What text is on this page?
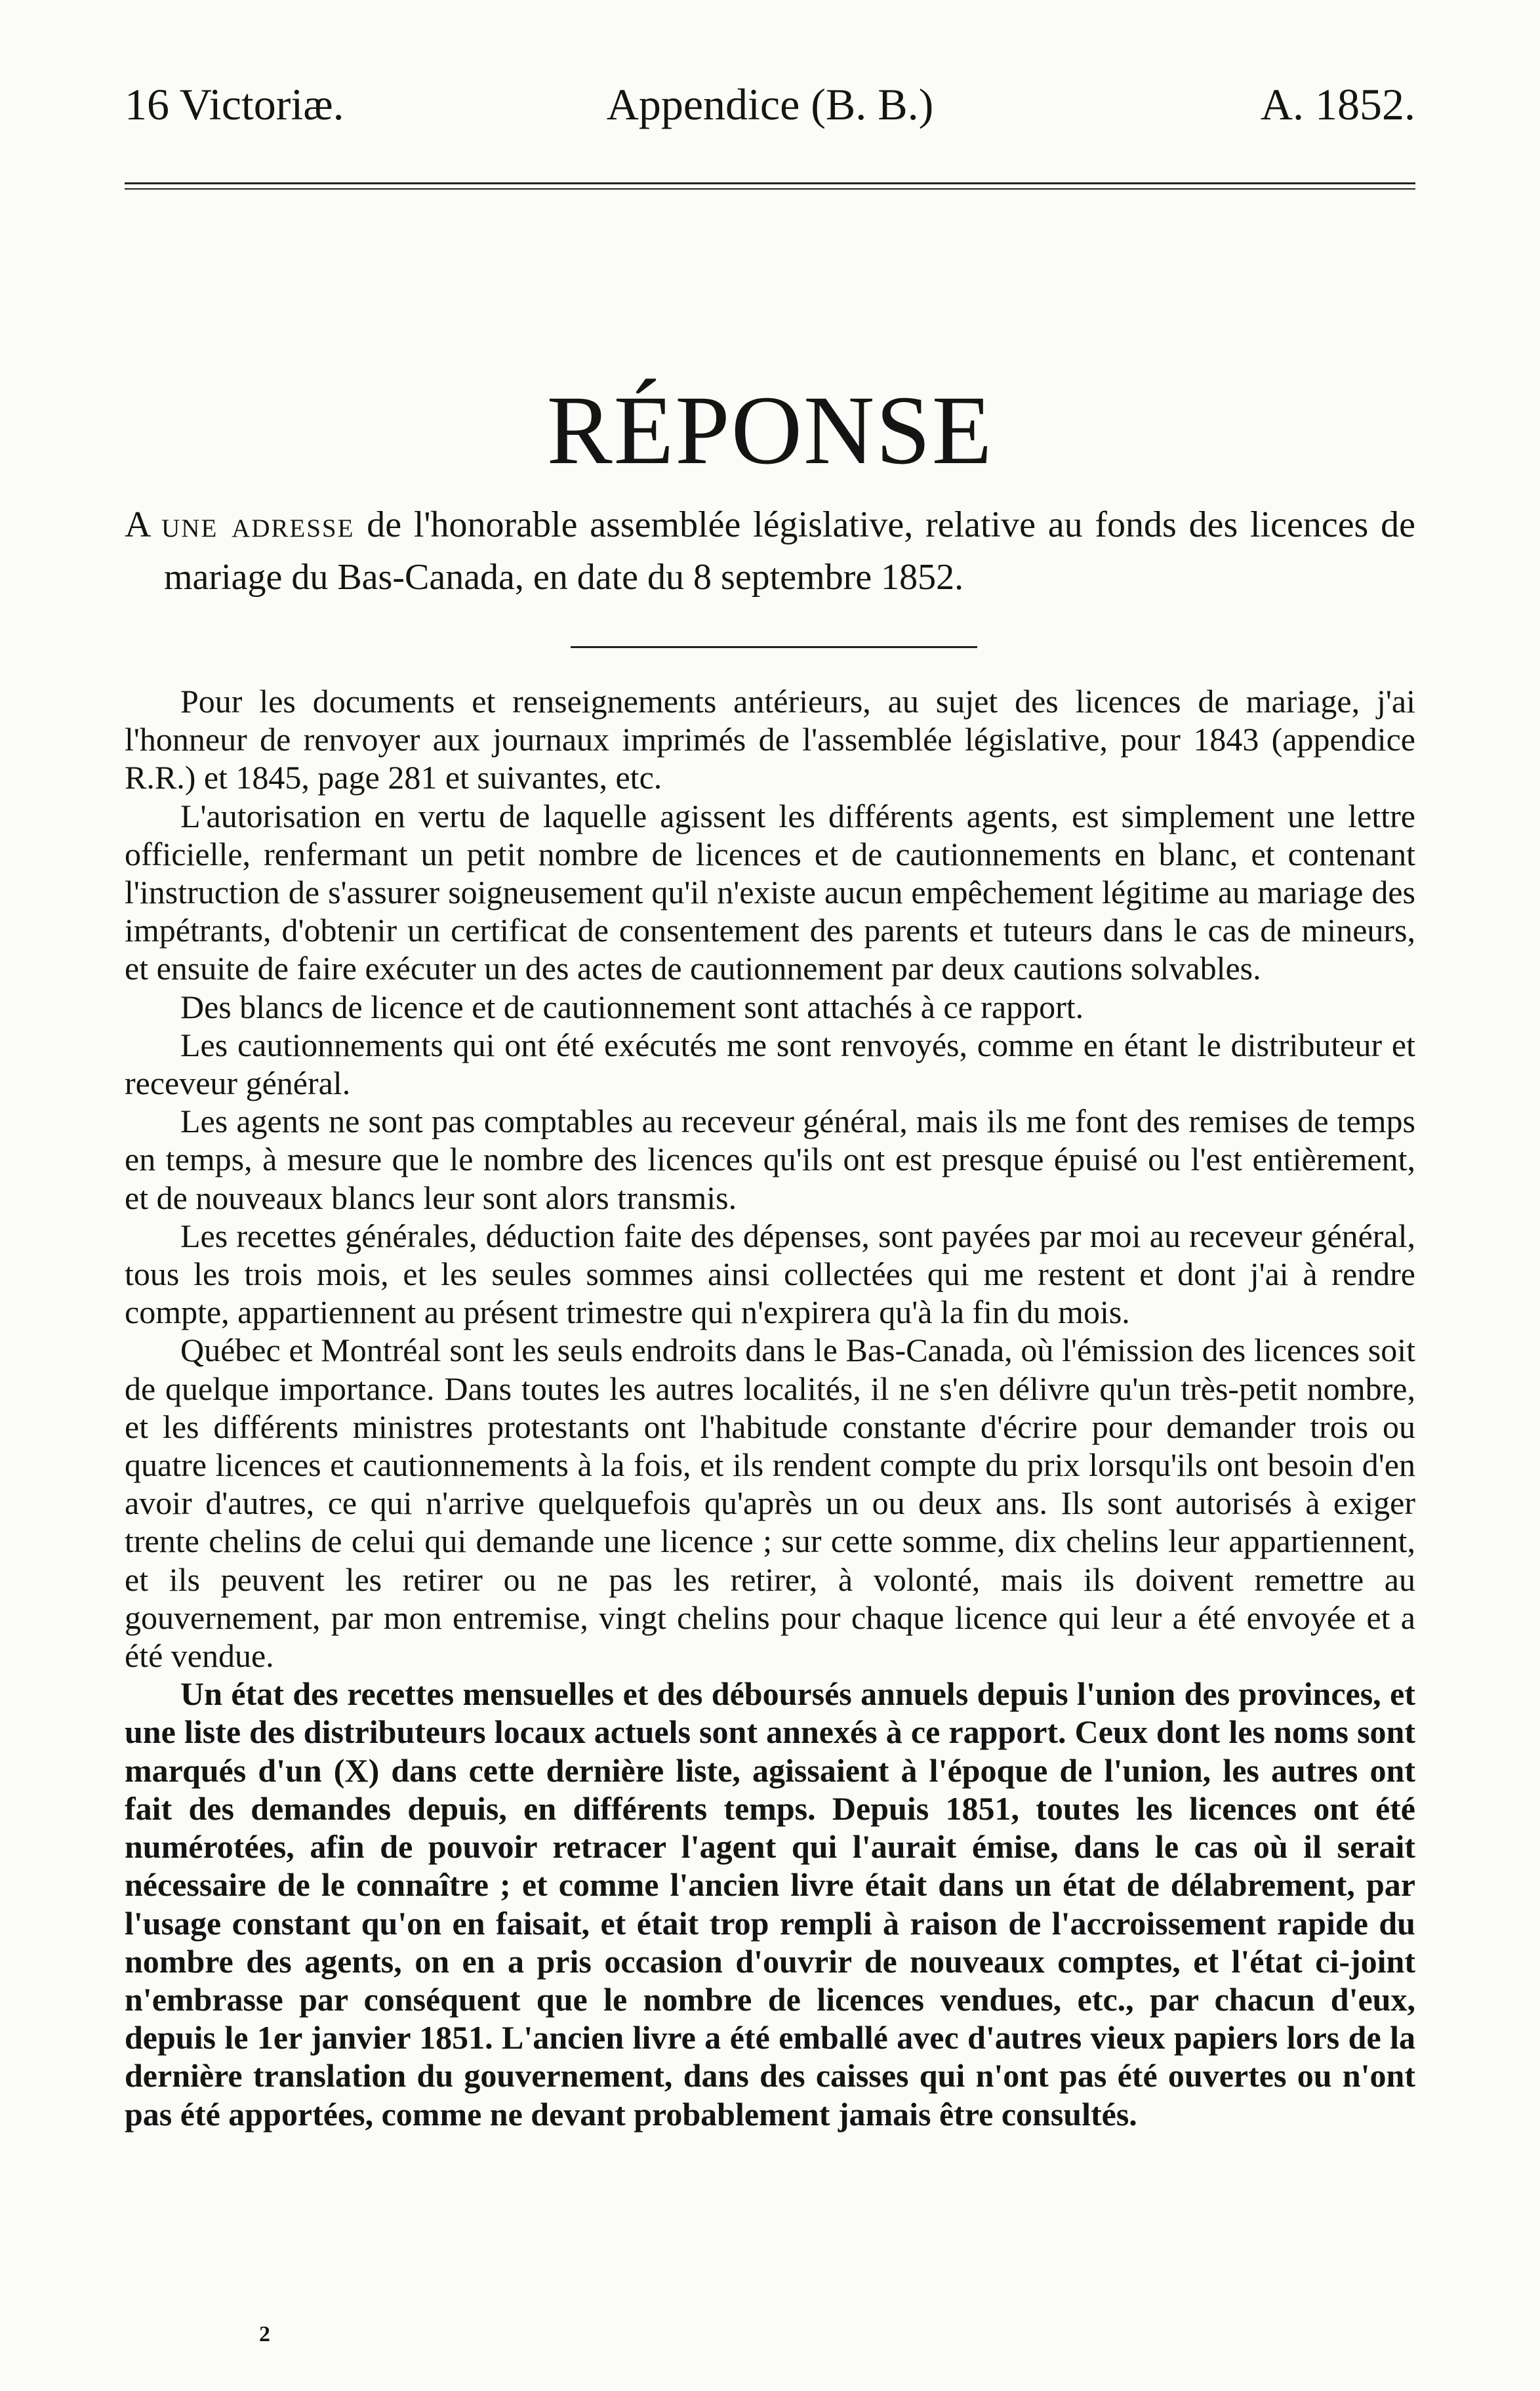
16 Victoriæ.	Appendice (B. B.)	A. 1852.
RÉPONSE
A une adresse de l'honorable assemblée législative, relative au fonds des licences de mariage du Bas-Canada, en date du 8 septembre 1852.

Pour les documents et renseignements antérieurs, au sujet des licences de mariage, j'ai l'honneur de renvoyer aux journaux imprimés de l'assemblée législative, pour 1843 (appendice R.R.) et 1845, page 281 et suivantes, etc.

L'autorisation en vertu de laquelle agissent les différents agents, est simplement une lettre officielle, renfermant un petit nombre de licences et de cautionnements en blanc, et contenant l'instruction de s'assurer soigneusement qu'il n'existe aucun empêchement légitime au mariage des impétrants, d'obtenir un certificat de consentement des parents et tuteurs dans le cas de mineurs, et ensuite de faire exécuter un des actes de cautionnement par deux cautions solvables.

Des blancs de licence et de cautionnement sont attachés à ce rapport.

Les cautionnements qui ont été exécutés me sont renvoyés, comme en étant le distributeur et receveur général.

Les agents ne sont pas comptables au receveur général, mais ils me font des remises de temps en temps, à mesure que le nombre des licences qu'ils ont est presque épuisé ou l'est entièrement, et de nouveaux blancs leur sont alors transmis.

Les recettes générales, déduction faite des dépenses, sont payées par moi au receveur général, tous les trois mois, et les seules sommes ainsi collectées qui me restent et dont j'ai à rendre compte, appartiennent au présent trimestre qui n'expirera qu'à la fin du mois.

Québec et Montréal sont les seuls endroits dans le Bas-Canada, où l'émission des licences soit de quelque importance. Dans toutes les autres localités, il ne s'en délivre qu'un très-petit nombre, et les différents ministres protestants ont l'habitude constante d'écrire pour demander trois ou quatre licences et cautionnements à la fois, et ils rendent compte du prix lorsqu'ils ont besoin d'en avoir d'autres, ce qui n'arrive quelquefois qu'après un ou deux ans. Ils sont autorisés à exiger trente chelins de celui qui demande une licence ; sur cette somme, dix chelins leur appartiennent, et ils peuvent les retirer ou ne pas les retirer, à volonté, mais ils doivent remettre au gouvernement, par mon entremise, vingt chelins pour chaque licence qui leur a été envoyée et a été vendue.

Un état des recettes mensuelles et des déboursés annuels depuis l'union des provinces, et une liste des distributeurs locaux actuels sont annexés à ce rapport. Ceux dont les noms sont marqués d'un (X) dans cette dernière liste, agissaient à l'époque de l'union, les autres ont fait des demandes depuis, en différents temps. Depuis 1851, toutes les licences ont été numérotées, afin de pouvoir retracer l'agent qui l'aurait émise, dans le cas où il serait nécessaire de le connaître ; et comme l'ancien livre était dans un état de délabrement, par l'usage constant qu'on en faisait, et était trop rempli à raison de l'accroissement rapide du nombre des agents, on en a pris occasion d'ouvrir de nouveaux comptes, et l'état ci-joint n'embrasse par conséquent que le nombre de licences vendues, etc., par chacun d'eux, depuis le 1er janvier 1851. L'ancien livre a été emballé avec d'autres vieux papiers lors de la dernière translation du gouvernement, dans des caisses qui n'ont pas été ouvertes ou n'ont pas été apportées, comme ne devant probablement jamais être consultés.

2
